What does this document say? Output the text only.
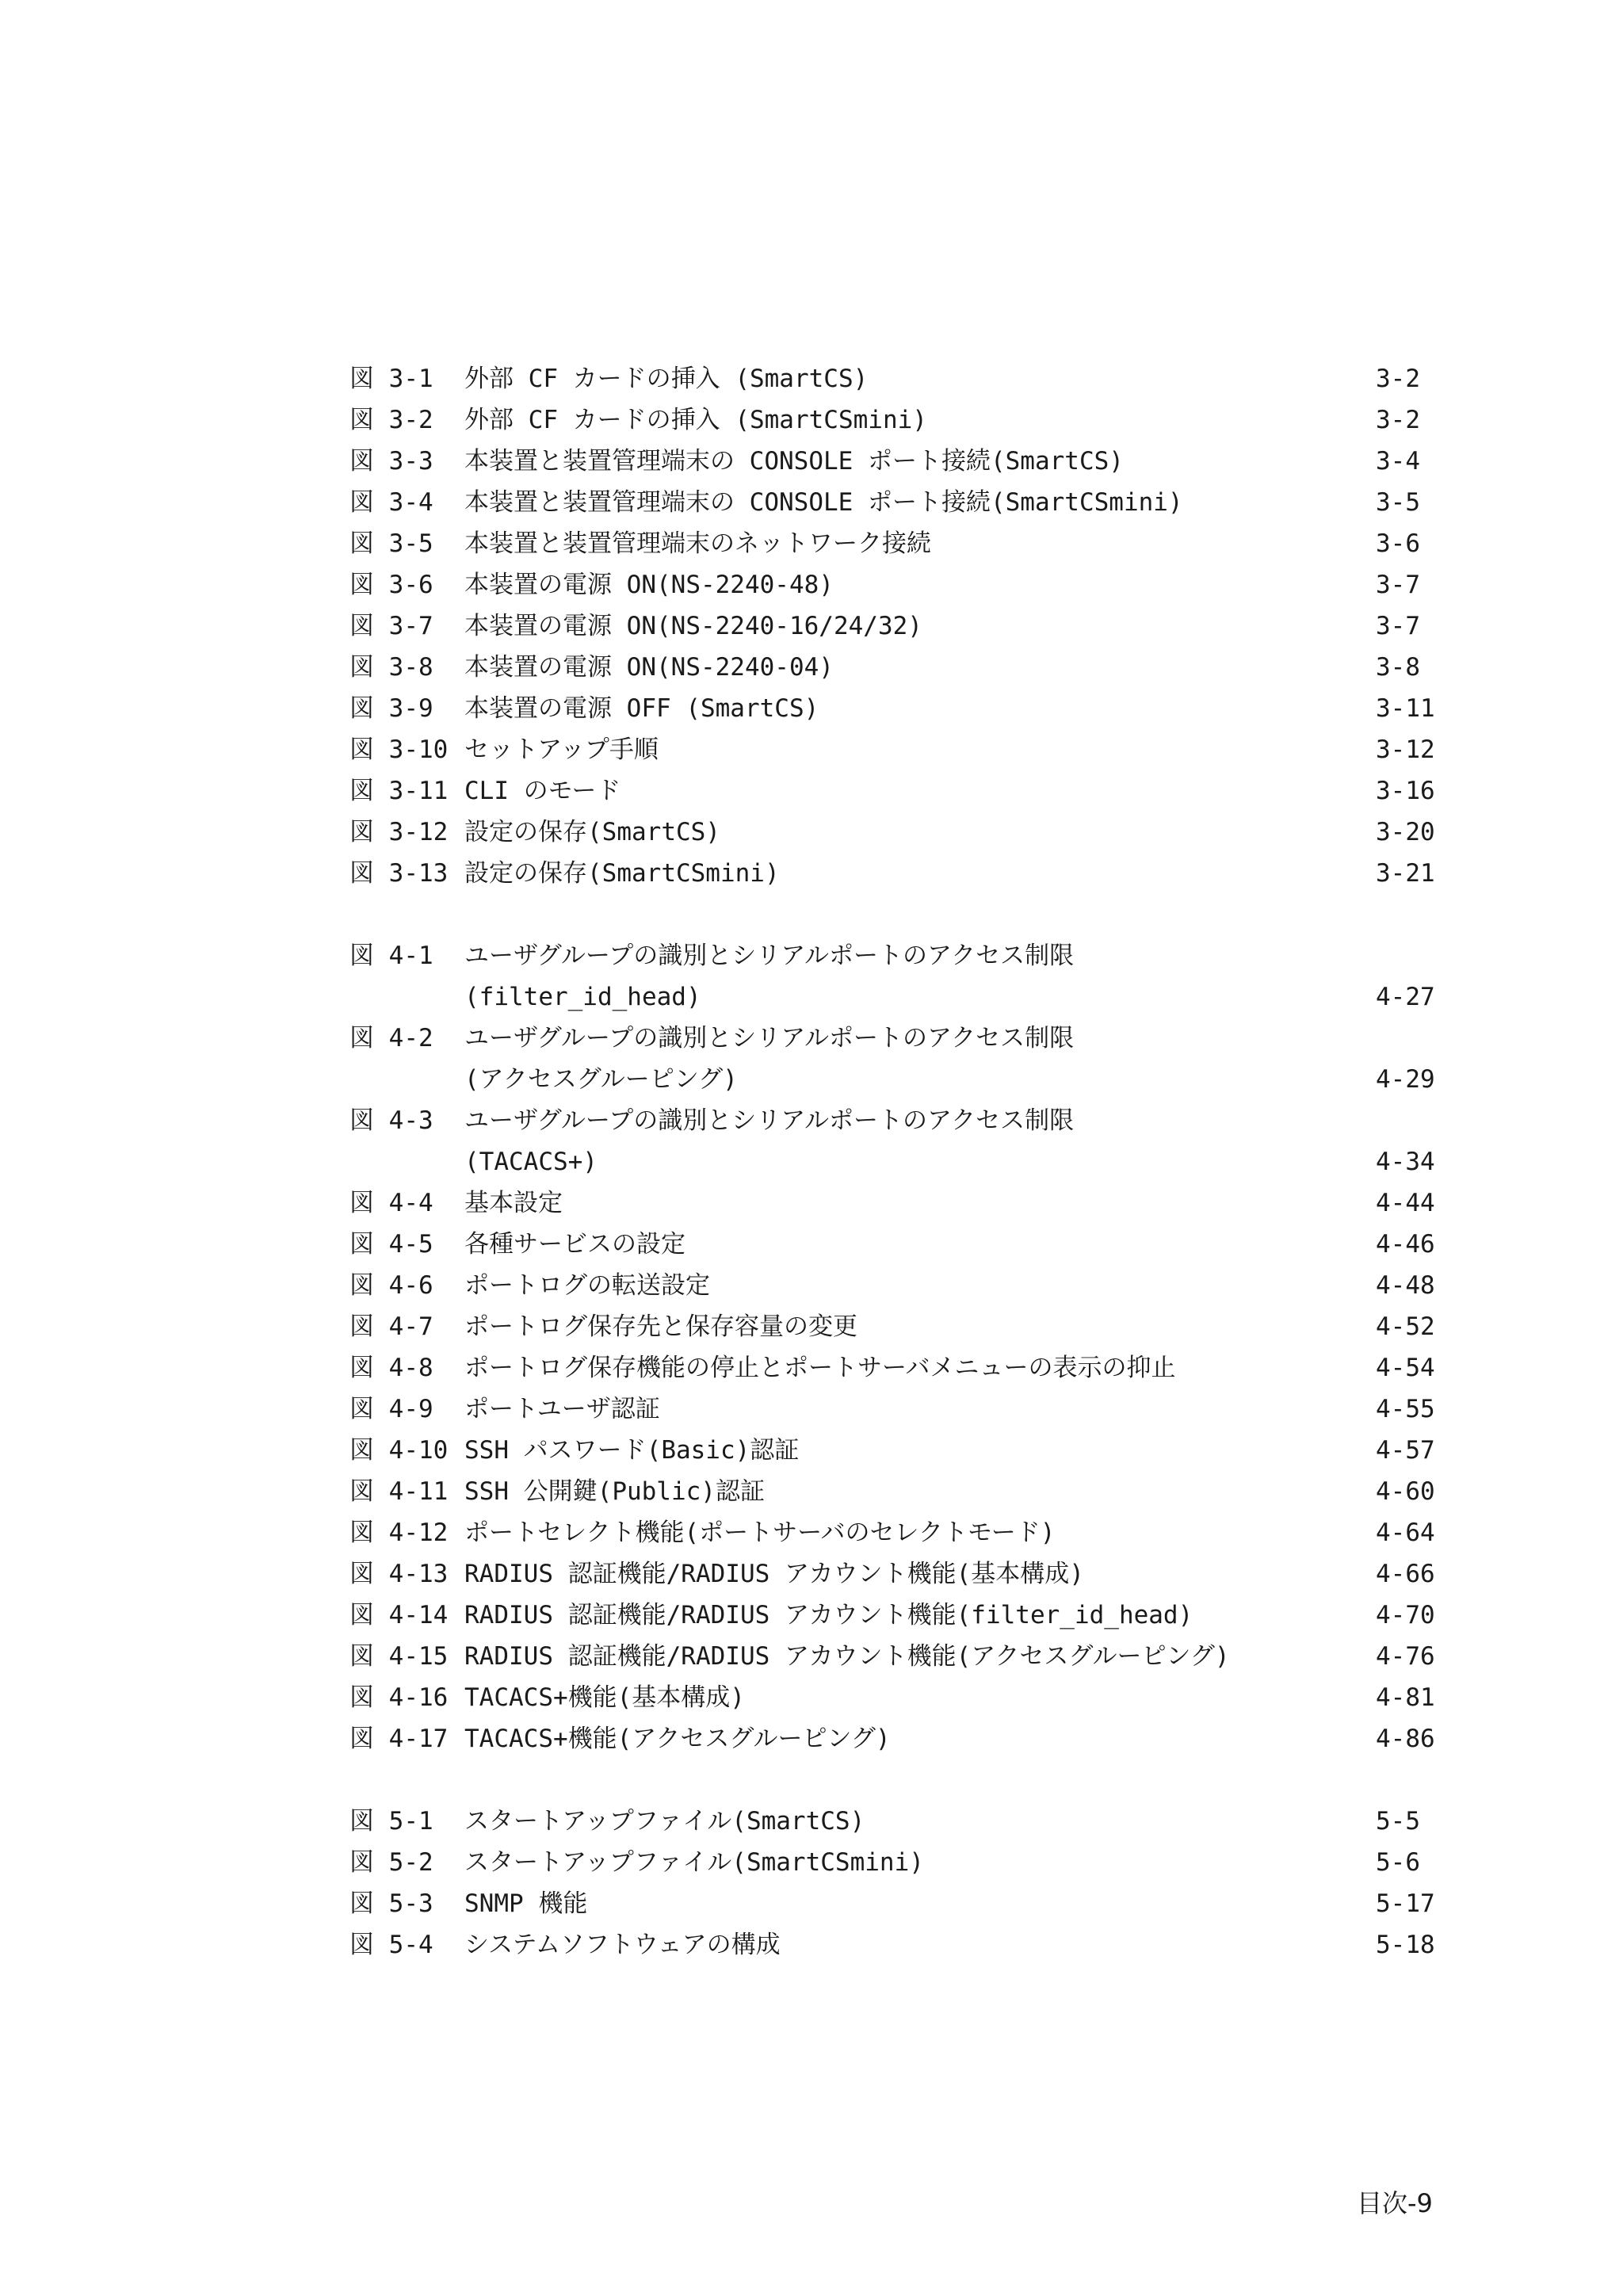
図 3-1 外部 CF カードの挿入 (SmartCS)	3-2
図 3-2 外部 CF カードの挿入 (SmartCSmini)	3-2
図 3-3 本装置と装置管理端末の CONSOLE ポート接続(SmartCS)	3-4
図 3-4 本装置と装置管理端末の CONSOLE ポート接続(SmartCSmini)	3-5
図 3-5 本装置と装置管理端末のネットワーク接続	3-6
図 3-6 本装置の電源 ON(NS-2240-48)	3-7
図 3-7 本装置の電源 ON(NS-2240-16/24/32)	3-7
図 3-8 本装置の電源 ON(NS-2240-04)	3-8
図 3-9 本装置の電源 OFF (SmartCS)	3-11
図 3-10 セットアップ手順	3-12
図 3-11 CLI のモード	3-16
図 3-12 設定の保存(SmartCS)	3-20
図 3-13 設定の保存(SmartCSmini)	3-21
図 4-1 ユーザグループの識別とシリアルポートのアクセス制限
(filter_id_head)	4-27
図 4-2 ユーザグループの識別とシリアルポートのアクセス制限
(アクセスグルーピング)	4-29
図 4-3 ユーザグループの識別とシリアルポートのアクセス制限
(TACACS+)	4-34
図 4-4 基本設定	4-44
図 4-5 各種サービスの設定	4-46
図 4-6 ポートログの転送設定	4-48
図 4-7 ポートログ保存先と保存容量の変更	4-52
図 4-8 ポートログ保存機能の停止とポートサーバメニューの表示の抑止	4-54
図 4-9 ポートユーザ認証	4-55
図 4-10 SSH パスワード(Basic)認証	4-57
図 4-11 SSH 公開鍵(Public)認証	4-60
図 4-12 ポートセレクト機能(ポートサーバのセレクトモード)	4-64
図 4-13 RADIUS 認証機能/RADIUS アカウント機能(基本構成)	4-66
図 4-14 RADIUS 認証機能/RADIUS アカウント機能(filter_id_head)	4-70
図 4-15 RADIUS 認証機能/RADIUS アカウント機能(アクセスグルーピング)	4-76
図 4-16 TACACS+機能(基本構成)	4-81
図 4-17 TACACS+機能(アクセスグルーピング)	4-86
図 5-1 スタートアップファイル(SmartCS)	5-5
図 5-2 スタートアップファイル(SmartCSmini)	5-6
図 5-3 SNMP 機能	5-17
図 5-4 システムソフトウェアの構成	5-18
目次-9
